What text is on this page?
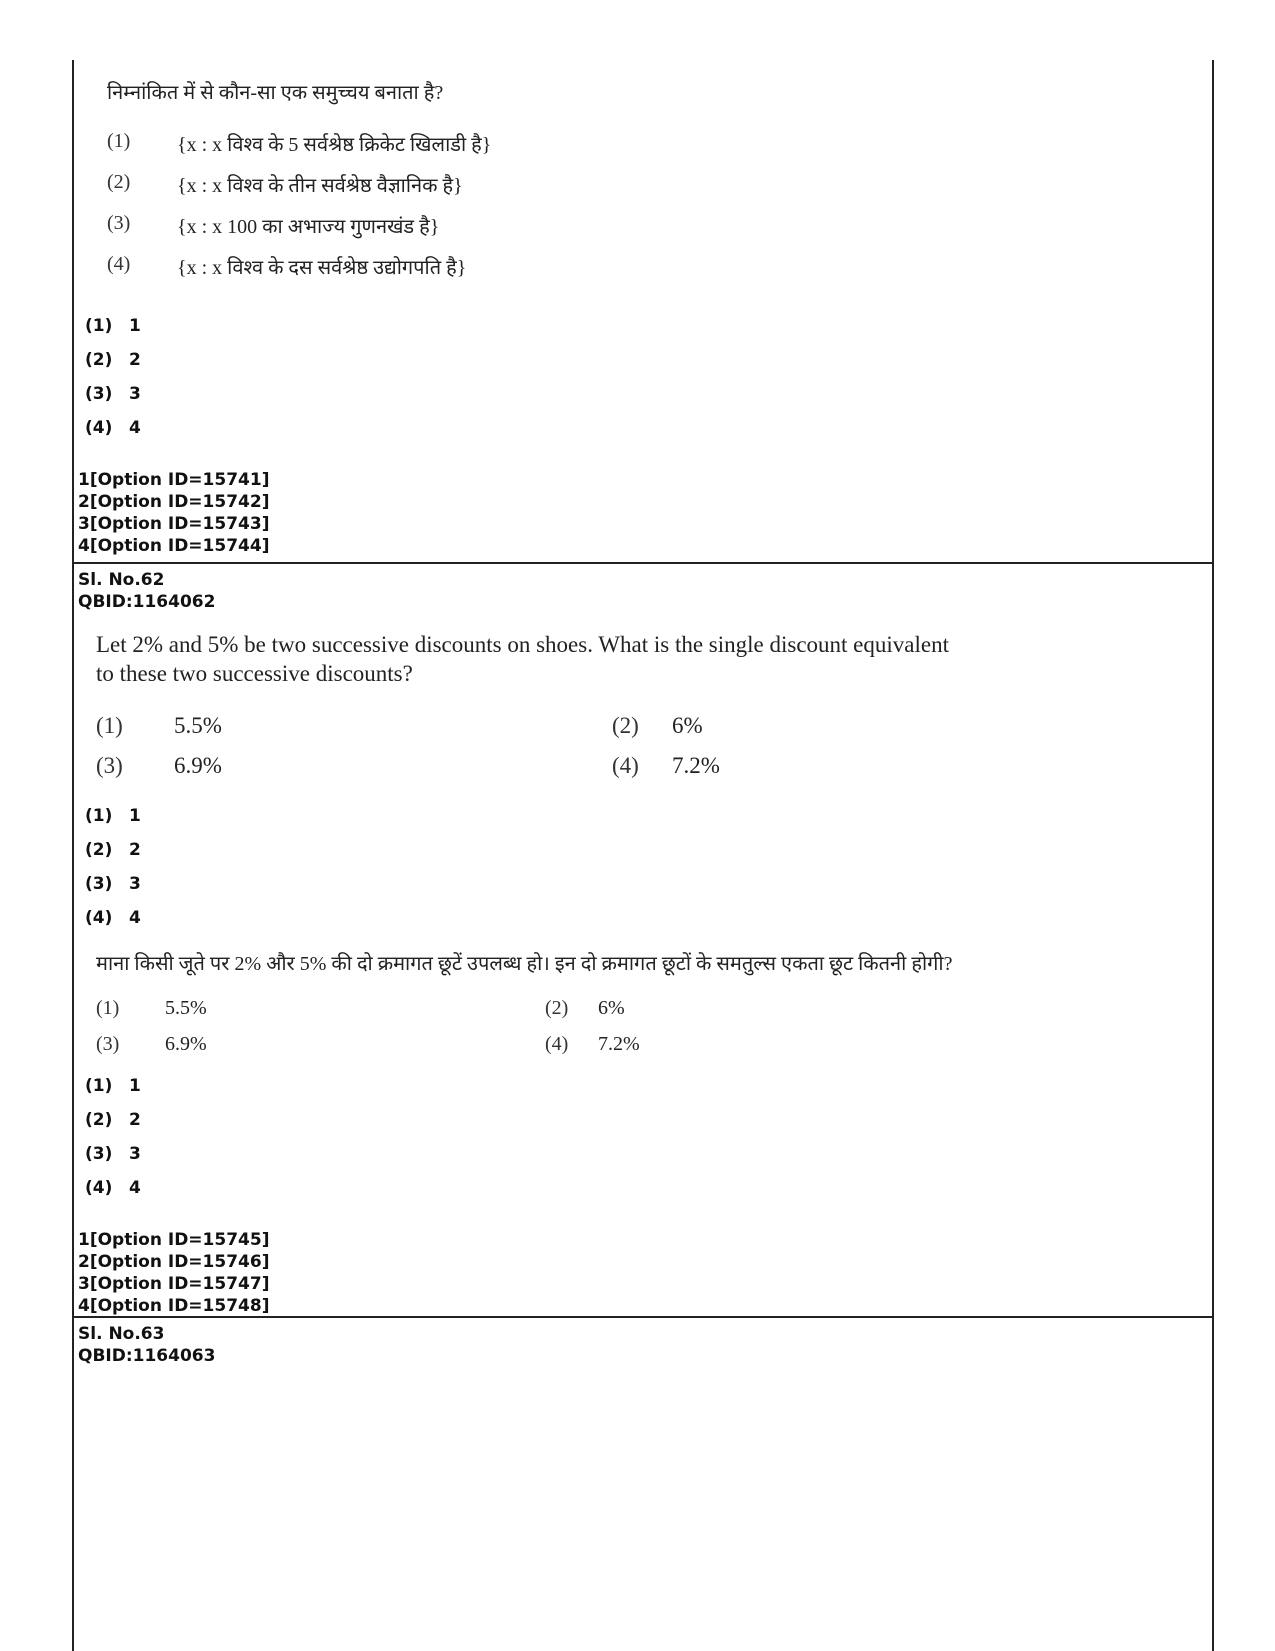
निम्नांकित में से कौन-सा एक समुच्चय बनाता है?
(1) {x : x विश्व के 5 सर्वश्रेष्ठ क्रिकेट खिलाडी है}
(2) {x : x विश्व के तीन सर्वश्रेष्ठ वैज्ञानिक है}
(3) {x : x 100 का अभाज्य गुणनखंड है}
(4) {x : x विश्व के दस सर्वश्रेष्ठ उद्योगपति है}
(1) 1
(2) 2
(3) 3
(4) 4
1[Option ID=15741]
2[Option ID=15742]
3[Option ID=15743]
4[Option ID=15744]
Sl. No.62
QBID:1164062
Let 2% and 5% be two successive discounts on shoes. What is the single discount equivalent
to these two successive discounts?
(1) 5.5%	(2) 6%
(3) 6.9%	(4) 7.2%
(1) 1
(2) 2
(3) 3
(4) 4
माना किसी जूते पर 2% और 5% की दो क्रमागत छूटें उपलब्ध हो। इन दो क्रमागत छूटों के समतुल्स एकता छूट कितनी होगी?
(1) 5.5%	(2) 6%
(3) 6.9%	(4) 7.2%
(1) 1
(2) 2
(3) 3
(4) 4
1[Option ID=15745]
2[Option ID=15746]
3[Option ID=15747]
4[Option ID=15748]
Sl. No.63
QBID:1164063
